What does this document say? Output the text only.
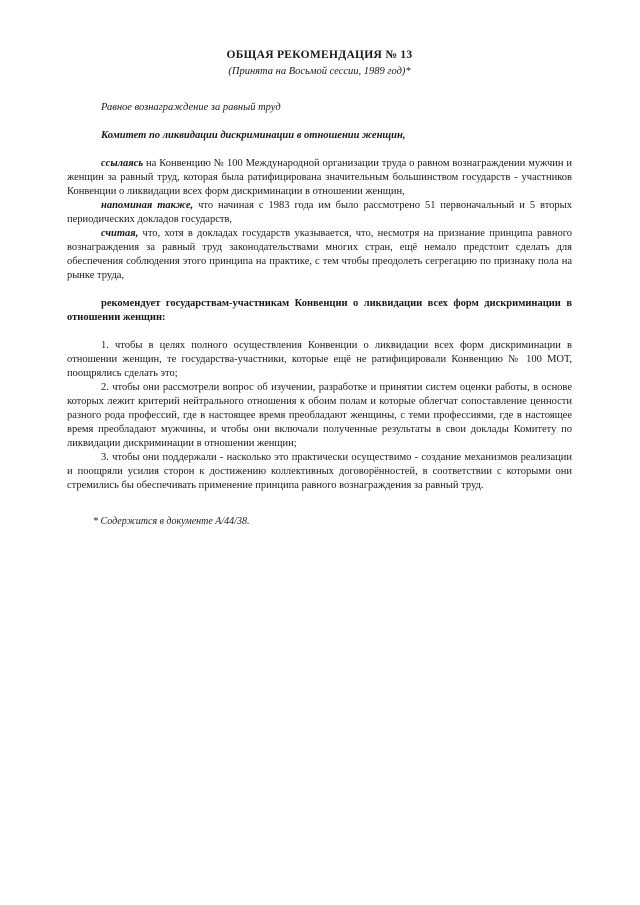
ОБЩАЯ РЕКОМЕНДАЦИЯ № 13

(Принята на Восьмой сессии, 1989 год)*

Равное вознаграждение за равный труд

Комитет по ликвидации дискриминации в отношении женщин,

ссылаясь на Конвенцию № 100 Международной организации труда о равном вознаграждении мужчин и женщин за равный труд, которая была ратифицирована значительным большинством государств - участников Конвенции о ликвидации всех форм дискриминации в отношении женщин,

напоминая также, что начиная с 1983 года им было рассмотрено 51 первоначальный и 5 вторых периодических докладов государств,

считая, что, хотя в докладах государств указывается, что, несмотря на признание принципа равного вознаграждения за равный труд законодательствами многих стран, ещё немало предстоит сделать для обеспечения соблюдения этого принципа на практике, с тем чтобы преодолеть сегрегацию по признаку пола на рынке труда,

рекомендует государствам-участникам Конвенции о ликвидации всех форм дискриминации в отношении женщин:

1. чтобы в целях полного осуществления Конвенции о ликвидации всех форм дискриминации в отношении женщин, те государства-участники, которые ещё не ратифицировали Конвенцию № 100 МОТ, поощрялись сделать это;

2. чтобы они рассмотрели вопрос об изучении, разработке и принятии систем оценки работы, в основе которых лежит критерий нейтрального отношения к обоим полам и которые облегчат сопоставление ценности разного рода профессий, где в настоящее время преобладают женщины, с теми профессиями, где в настоящее время преобладают мужчины, и чтобы они включали полученные результаты в свои доклады Комитету по ликвидации дискриминации в отношении женщин;

3. чтобы они поддержали - насколько это практически осуществимо - создание механизмов реализации и поощряли усилия сторон к достижению коллективных договорённостей, в соответствии с которыми они стремились бы обеспечивать применение принципа равного вознаграждения за равный труд.

* Содержится в документе A/44/38.
